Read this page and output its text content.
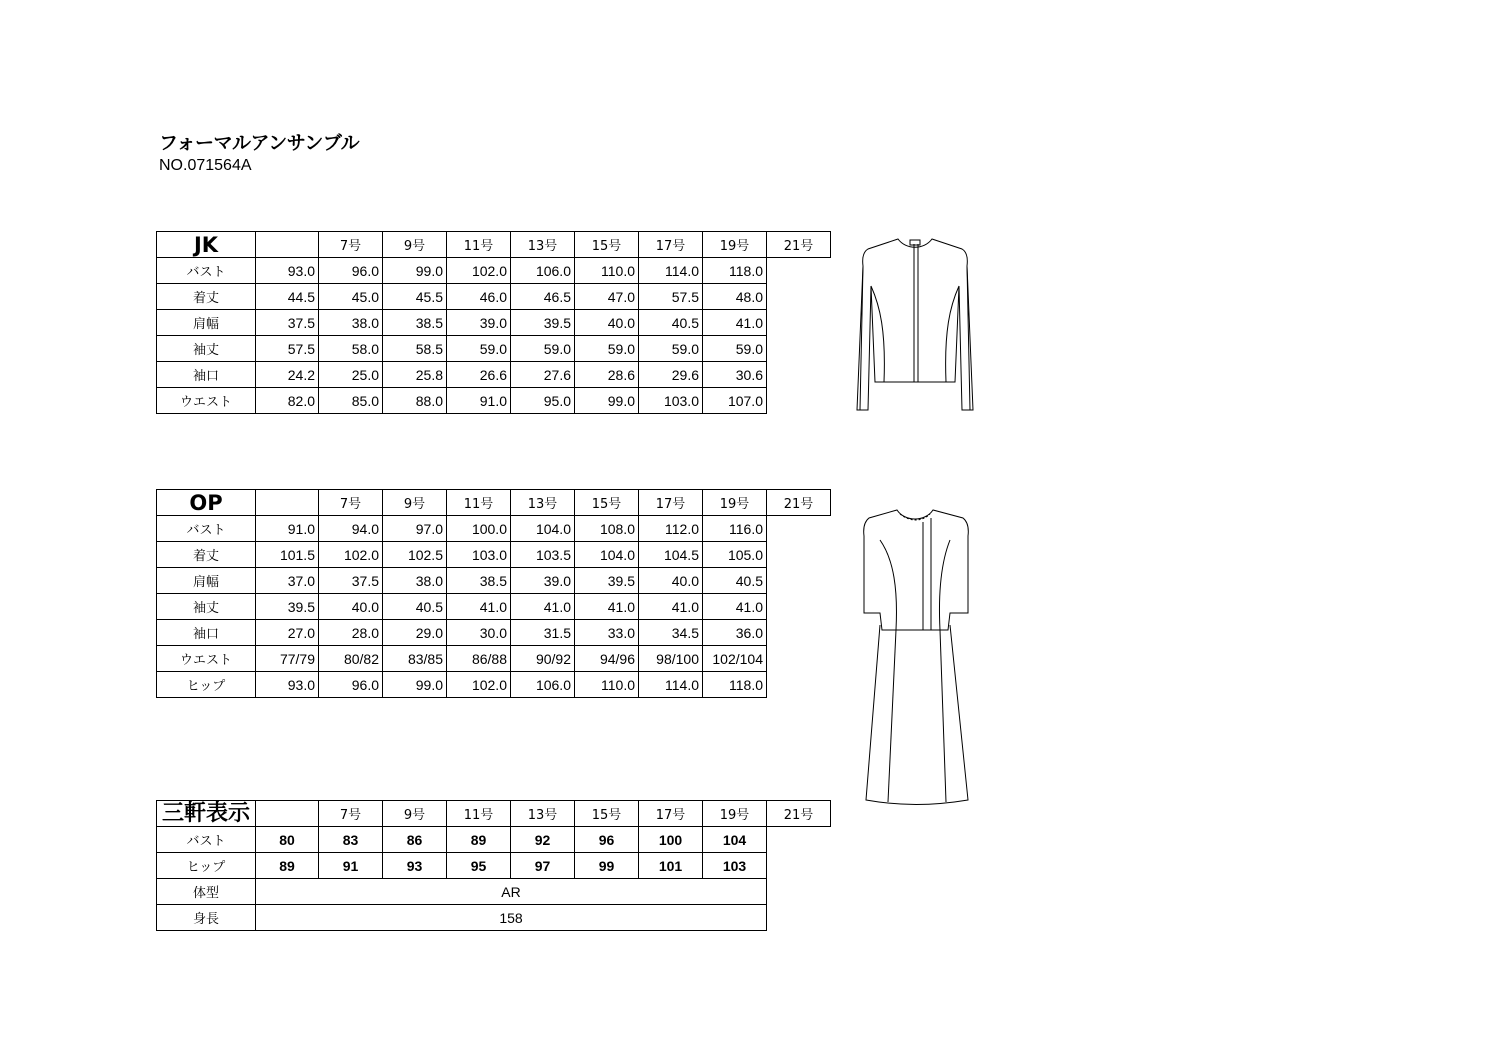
フォーマルアンサンブル
NO.071564A
JK		7号	9号	11号	13号	15号	17号	19号	21号
バスト	93.0	96.0	99.0	102.0	106.0	110.0	114.0	118.0	
着丈	44.5	45.0	45.5	46.0	46.5	47.0	57.5	48.0	
肩幅	37.5	38.0	38.5	39.0	39.5	40.0	40.5	41.0	
袖丈	57.5	58.0	58.5	59.0	59.0	59.0	59.0	59.0	
袖口	24.2	25.0	25.8	26.6	27.6	28.6	29.6	30.6	
ウエスト	82.0	85.0	88.0	91.0	95.0	99.0	103.0	107.0	
OP		7号	9号	11号	13号	15号	17号	19号	21号
バスト	91.0	94.0	97.0	100.0	104.0	108.0	112.0	116.0	
着丈	101.5	102.0	102.5	103.0	103.5	104.0	104.5	105.0	
肩幅	37.0	37.5	38.0	38.5	39.0	39.5	40.0	40.5	
袖丈	39.5	40.0	40.5	41.0	41.0	41.0	41.0	41.0	
袖口	27.0	28.0	29.0	30.0	31.5	33.0	34.5	36.0	
ウエスト	77/79	80/82	83/85	86/88	90/92	94/96	98/100	102/104	
ヒップ	93.0	96.0	99.0	102.0	106.0	110.0	114.0	118.0	
三軒表示		7号	9号	11号	13号	15号	17号	19号	21号
バスト	80	83	86	89	92	96	100	104	
ヒップ	89	91	93	95	97	99	101	103	
体型	AR								
身長	158								
